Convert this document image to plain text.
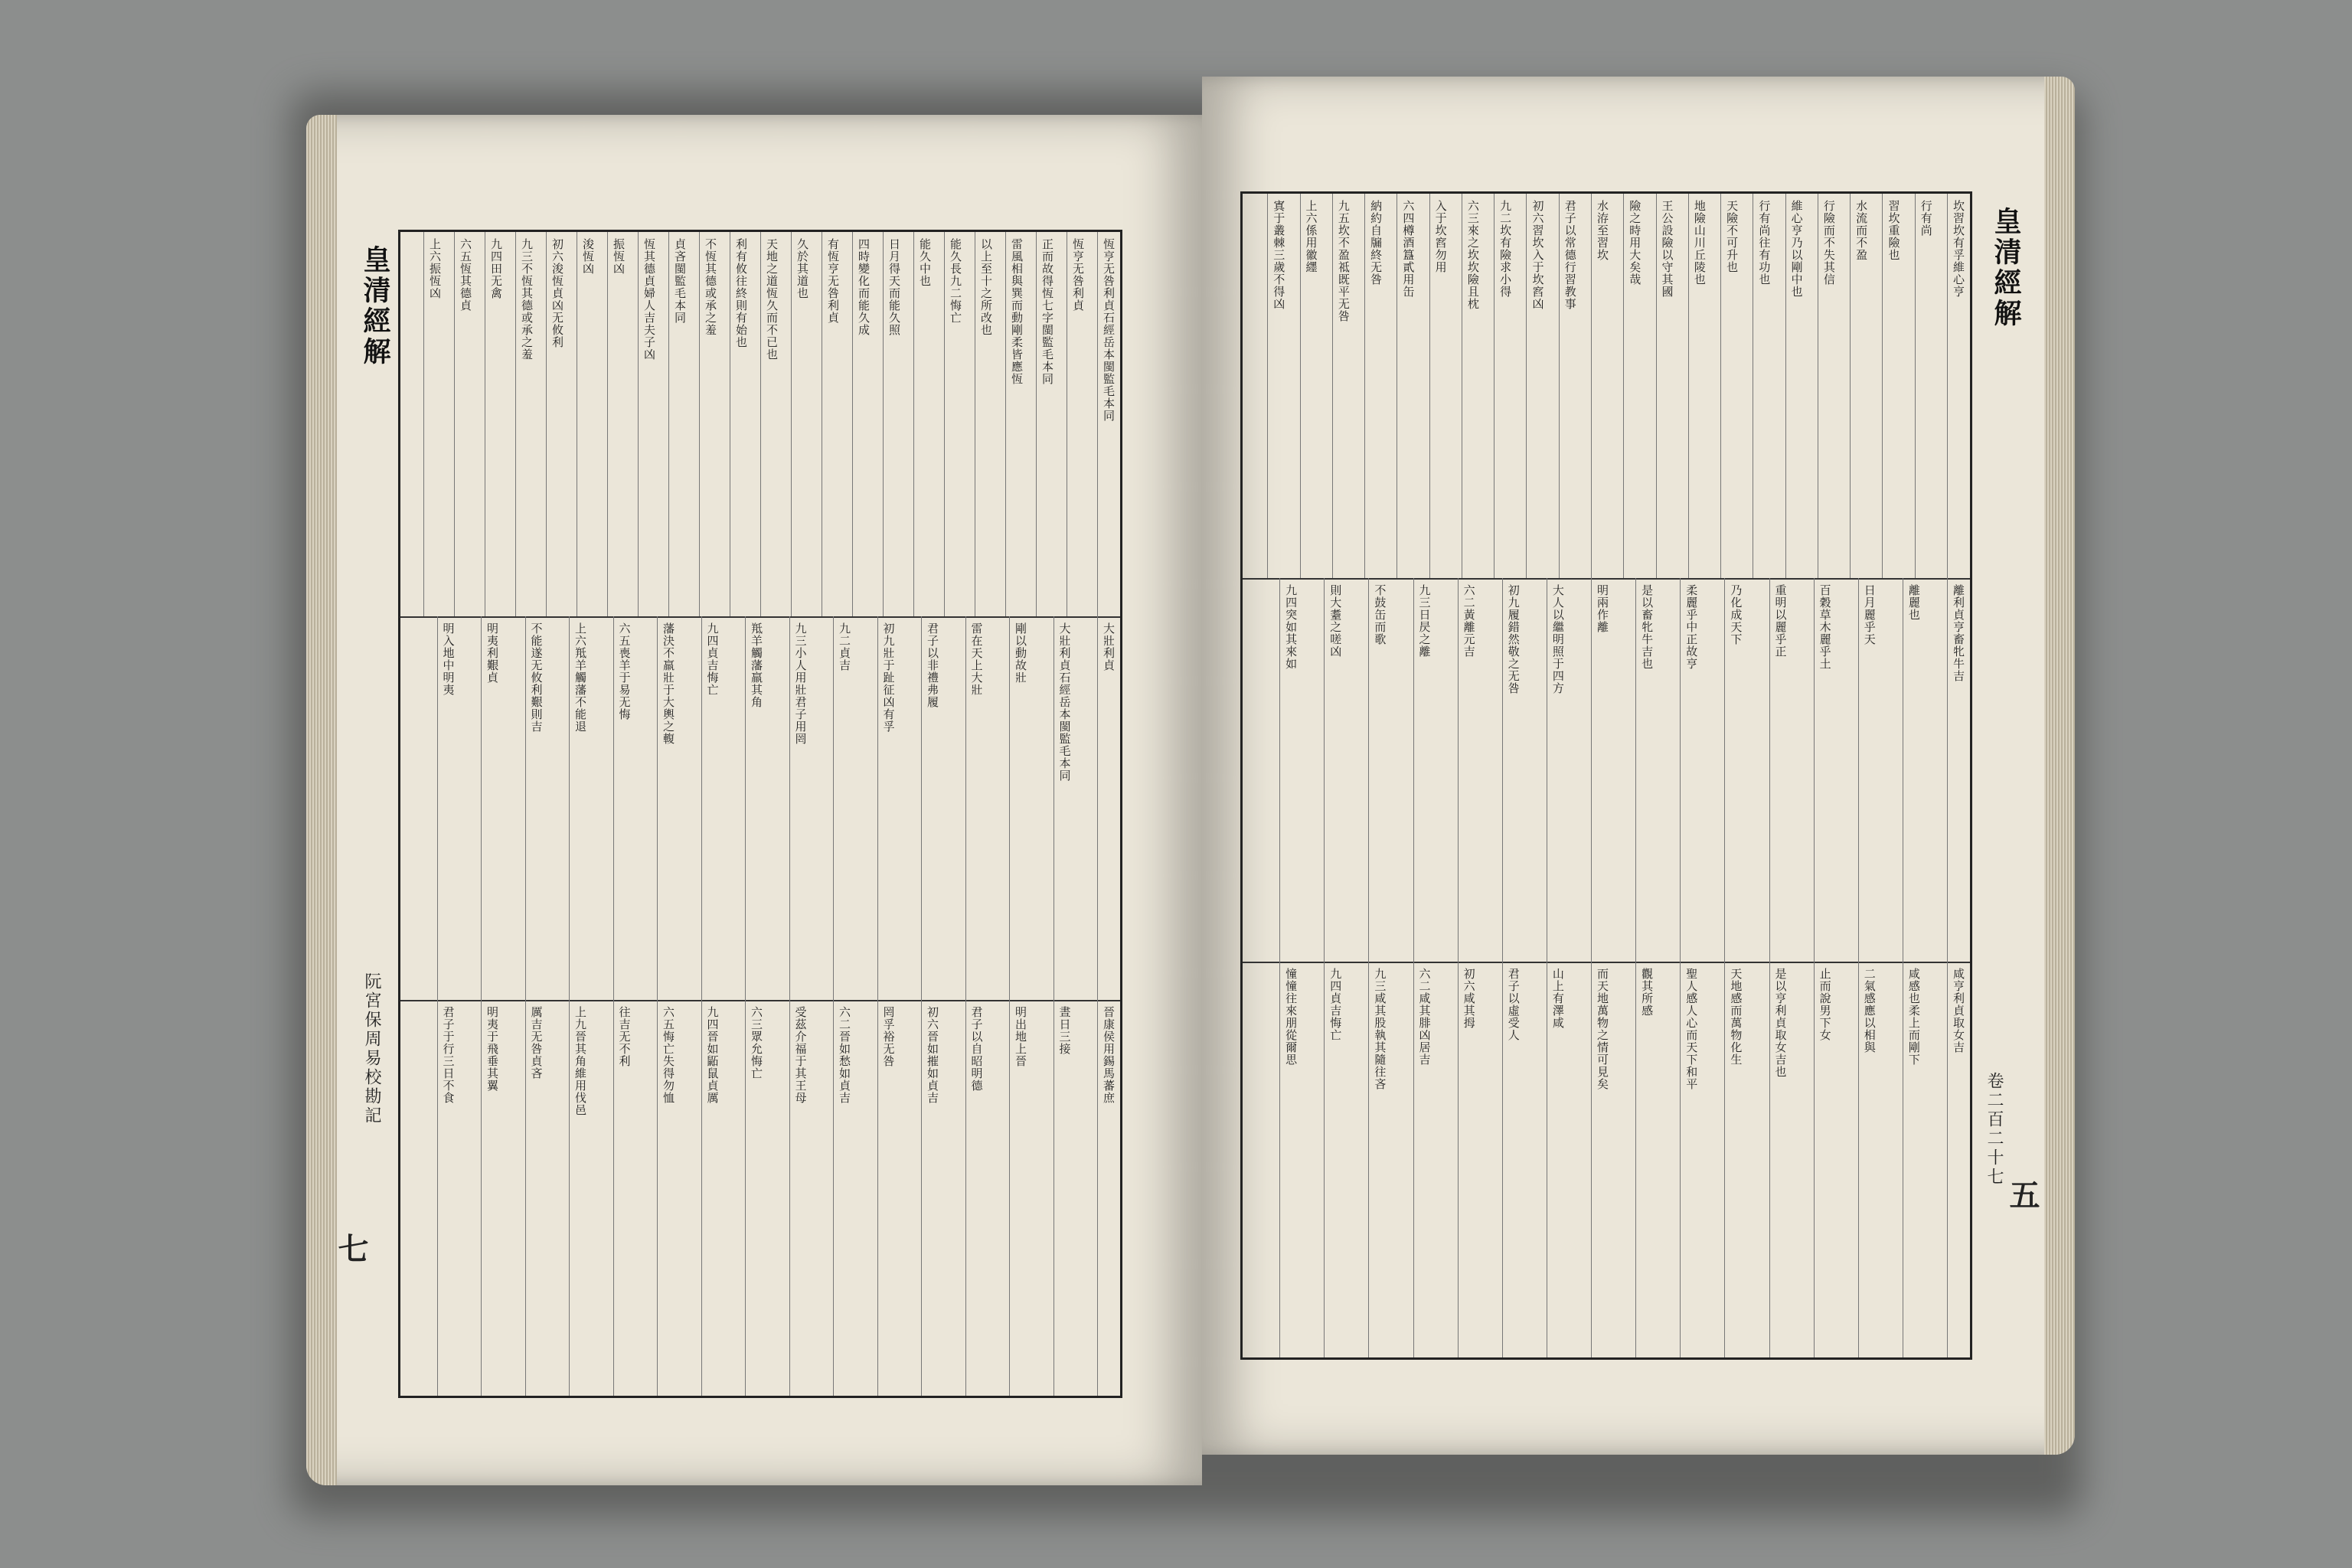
皇清經解
阮宮保周易校勘記
七
恆亨无咎利貞石經岳本閩監毛本同
恆亨无咎利貞
正而故得恆七字閩監毛本同
雷風相與巽而動剛柔皆應恆
以上至十之所改也
能久長九二悔亡
能久中也
日月得天而能久照
四時變化而能久成
有恆亨无咎利貞
久於其道也
天地之道恆久而不已也
利有攸往終則有始也
不恆其德或承之羞
貞吝閩監毛本同
恆其德貞婦人吉夫子凶
振恆凶
浚恆凶
初六浚恆貞凶无攸利
九三不恆其德或承之羞
九四田无禽
六五恆其德貞
上六振恆凶
大壯利貞
大壯利貞石經岳本閩監毛本同
剛以動故壯
雷在天上大壯
君子以非禮弗履
初九壯于趾征凶有孚
九二貞吉
九三小人用壯君子用罔
羝羊觸藩羸其角
九四貞吉悔亡
藩決不羸壯于大輿之輹
六五喪羊于易无悔
上六羝羊觸藩不能退
不能遂无攸利艱則吉
明夷利艱貞
明入地中明夷
晉康侯用錫馬蕃庶
晝日三接
明出地上晉
君子以自昭明德
初六晉如摧如貞吉
罔孚裕无咎
六二晉如愁如貞吉
受茲介福于其王母
六三眾允悔亡
九四晉如鼫鼠貞厲
六五悔亡失得勿恤
往吉无不利
上九晉其角維用伐邑
厲吉无咎貞吝
明夷于飛垂其翼
君子于行三日不食
皇清經解
卷二百二十七
五
坎習坎有孚維心亨
行有尚
習坎重險也
水流而不盈
行險而不失其信
維心亨乃以剛中也
行有尚往有功也
天險不可升也
地險山川丘陵也
王公設險以守其國
險之時用大矣哉
水洊至習坎
君子以常德行習教事
初六習坎入于坎窞凶
九二坎有險求小得
六三來之坎坎險且枕
入于坎窞勿用
六四樽酒簋貳用缶
納約自牖終无咎
九五坎不盈祗既平无咎
上六係用徽纆
寘于叢棘三歲不得凶
離利貞亨畜牝牛吉
離麗也
日月麗乎天
百穀草木麗乎土
重明以麗乎正
乃化成天下
柔麗乎中正故亨
是以畜牝牛吉也
明兩作離
大人以繼明照于四方
初九履錯然敬之无咎
六二黃離元吉
九三日昃之離
不鼓缶而歌
則大耋之嗟凶
九四突如其來如
咸亨利貞取女吉
咸感也柔上而剛下
二氣感應以相與
止而說男下女
是以亨利貞取女吉也
天地感而萬物化生
聖人感人心而天下和平
觀其所感
而天地萬物之情可見矣
山上有澤咸
君子以虛受人
初六咸其拇
六二咸其腓凶居吉
九三咸其股執其隨往吝
九四貞吉悔亡
憧憧往來朋從爾思
